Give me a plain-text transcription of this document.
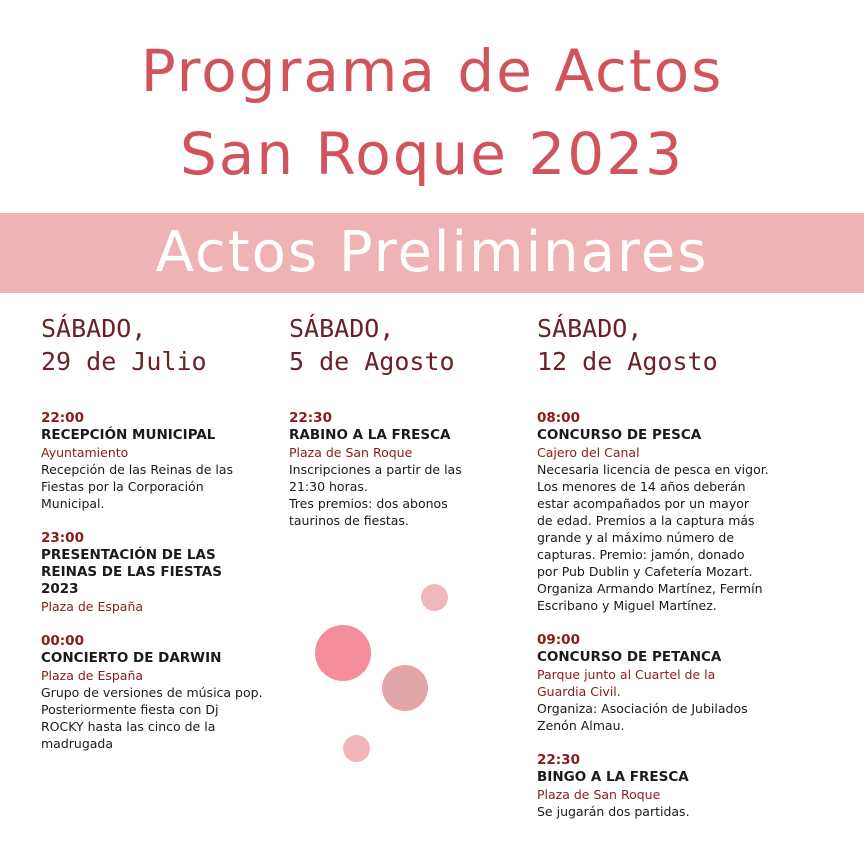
Programa de Actos
San Roque 2023
Actos Preliminares
SÁBADO,
29 de Julio
22:00
RECEPCIÓN MUNICIPAL
Ayuntamiento
Recepción de las Reinas de las
Fiestas por la Corporación
Municipal.
23:00
PRESENTACIÓN DE LAS
REINAS DE LAS FIESTAS
2023
Plaza de España
00:00
CONCIERTO DE DARWIN
Plaza de España
Grupo de versiones de música pop.
Posteriormente fiesta con Dj
ROCKY hasta las cinco de la
madrugada
SÁBADO,
5 de Agosto
22:30
RABINO A LA FRESCA
Plaza de San Roque
Inscripciones a partir de las
21:30 horas.
Tres premios: dos abonos
taurinos de fiestas.
SÁBADO,
12 de Agosto
08:00
CONCURSO DE PESCA
Cajero del Canal
Necesaria licencia de pesca en vigor.
Los menores de 14 años deberán
estar acompañados por un mayor
de edad. Premios a la captura más
grande y al máximo número de
capturas. Premio: jamón, donado
por Pub Dublin y Cafetería Mozart.
Organiza Armando Martínez, Fermín
Escribano y Miguel Martínez.
09:00
CONCURSO DE PETANCA
Parque junto al Cuartel de la
Guardia Civil.
Organiza: Asociación de Jubilados
Zenón Almau.
22:30
BINGO A LA FRESCA
Plaza de San Roque
Se jugarán dos partidas.
